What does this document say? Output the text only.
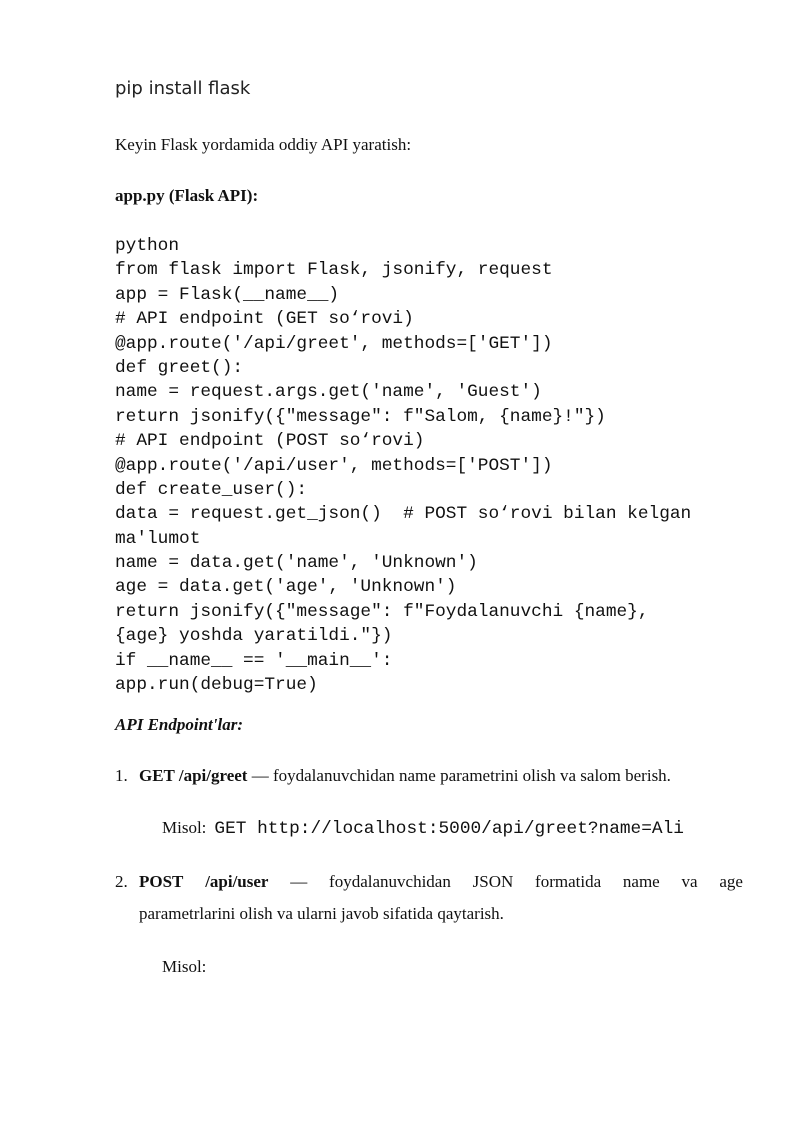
pip install flask
Keyin Flask yordamida oddiy API yaratish:
app.py (Flask API):
python
from flask import Flask, jsonify, request
app = Flask(__name__)
# API endpoint (GET so‘rovi)
@app.route('/api/greet', methods=['GET'])
def greet():
name = request.args.get('name', 'Guest')
return jsonify({"message": f"Salom, {name}!"})
# API endpoint (POST so‘rovi)
@app.route('/api/user', methods=['POST'])
def create_user():
data = request.get_json()  # POST so‘rovi bilan kelgan
ma'lumot
name = data.get('name', 'Unknown')
age = data.get('age', 'Unknown')
return jsonify({"message": f"Foydalanuvchi {name},
{age} yoshda yaratildi."})
if __name__ == '__main__':
app.run(debug=True)
API Endpoint'lar:
1. GET /api/greet — foydalanuvchidan name parametrini olish va salom berish.
Misol: GET http://localhost:5000/api/greet?name=Ali
2. POST /api/user — foydalanuvchidan JSON formatida name va age
parametrlarini olish va ularni javob sifatida qaytarish.
Misol:
